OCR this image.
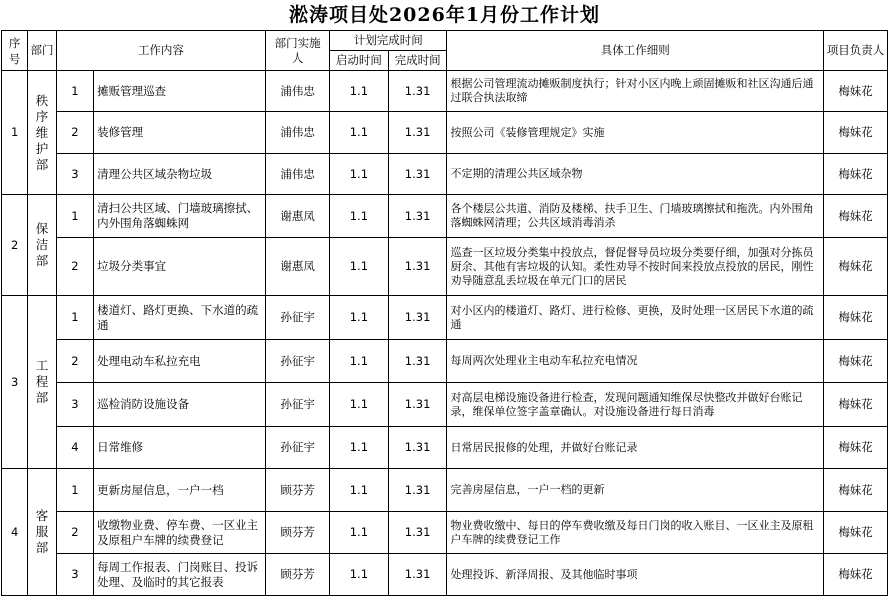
淞涛项目处2026年1月份工作计划
序号	部门	工作内容		部门实施人	计划完成时间		具体工作细则	项目负责人
					启动时间	完成时间		
1	秩序维护部	1	摊贩管理巡查	浦伟忠	1.1	1.31	根据公司管理流动摊贩制度执行；针对小区内晚上顽固摊贩和社区沟通后通过联合执法取缔	梅妹花
		2	装修管理	浦伟忠	1.1	1.31	按照公司《装修管理规定》实施	梅妹花
		3	清理公共区域杂物垃圾	浦伟忠	1.1	1.31	不定期的清理公共区域杂物	梅妹花
2	保洁部	1	清扫公共区域、门墙玻璃擦拭、内外围角落蜘蛛网	谢惠凤	1.1	1.31	各个楼层公共道、消防及楼梯、扶手卫生、门墙玻璃擦拭和拖洗。内外围角落蜘蛛网清理；公共区域消毒消杀	梅妹花
		2	垃圾分类事宜	谢惠凤	1.1	1.31	巡查一区垃圾分类集中投放点，督促督导员垃圾分类要仔细，加强对分拣员厨余、其他有害垃圾的认知。柔性劝导不按时间来投放点投放的居民，刚性劝导随意乱丢垃圾在单元门口的居民	梅妹花
3	工程部	1	楼道灯、路灯更换、下水道的疏通	孙征宇	1.1	1.31	对小区内的楼道灯、路灯、进行检修、更换，及时处理一区居民下水道的疏通	梅妹花
		2	处理电动车私拉充电	孙征宇	1.1	1.31	每周两次处理业主电动车私拉充电情况	梅妹花
		3	巡检消防设施设备	孙征宇	1.1	1.31	对高层电梯设施设备进行检查，发现问题通知维保尽快整改并做好台账记录，维保单位签字盖章确认。对设施设备进行每日消毒	梅妹花
		4	日常维修	孙征宇	1.1	1.31	日常居民报修的处理，并做好台账记录	梅妹花
4	客服部	1	更新房屋信息，一户一档	顾芬芳	1.1	1.31	完善房屋信息，一户一档的更新	梅妹花
		2	收缴物业费、停车费、一区业主及原租户车牌的续费登记	顾芬芳	1.1	1.31	物业费收缴中、每日的停车费收缴及每日门岗的收入账目、一区业主及原租户车牌的续费登记工作	梅妹花
		3	每周工作报表、门岗账目、投诉处理、及临时的其它报表	顾芬芳	1.1	1.31	处理投诉、新泽周报、及其他临时事项	梅妹花
